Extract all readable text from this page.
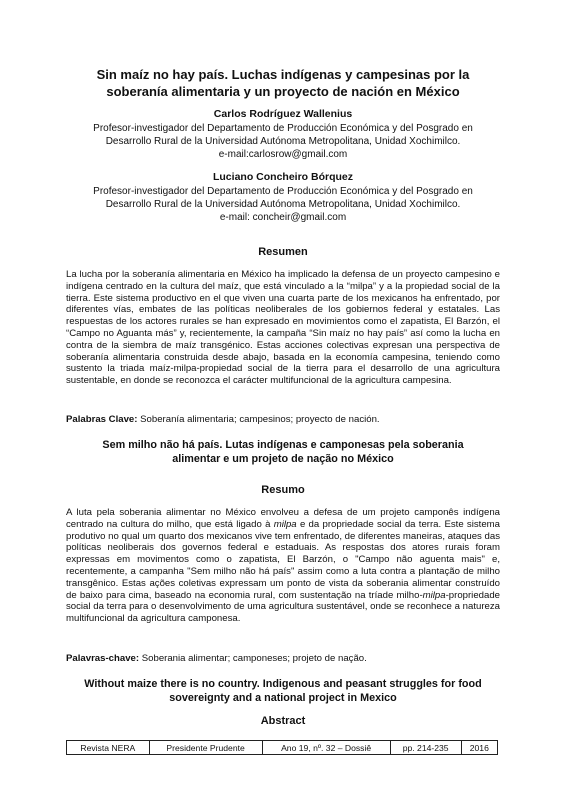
Sin maíz no hay país. Luchas indígenas y campesinas por la
soberanía alimentaria y un proyecto de nación en México
Carlos Rodríguez Wallenius
Profesor-investigador del Departamento de Producción Económica y del Posgrado en
Desarrollo Rural de la Universidad Autónoma Metropolitana, Unidad Xochimilco.
e-mail:carlosrow@gmail.com
Luciano Concheiro Bórquez
Profesor-investigador del Departamento de Producción Económica y del Posgrado en
Desarrollo Rural de la Universidad Autónoma Metropolitana, Unidad Xochimilco.
e-mail: concheir@gmail.com
Resumen

La lucha por la soberanía alimentaria en México ha implicado la defensa de un proyecto campesino e indígena centrado en la cultura del maíz, que está vinculado a la “milpa” y a la propiedad social de la tierra. Este sistema productivo en el que viven una cuarta parte de los mexicanos ha enfrentado, por diferentes vías, embates de las políticas neoliberales de los gobiernos federal y estatales. Las respuestas de los actores rurales se han expresado en movimientos como el zapatista, El Barzón, el “Campo no Aguanta más” y, recientemente, la campaña “Sin maíz no hay país” así como la lucha en contra de la siembra de maíz transgénico. Estas acciones colectivas expresan una perspectiva de soberanía alimentaria construida desde abajo, basada en la economía campesina, teniendo como sustento la triada maíz-milpa-propiedad social de la tierra para el desarrollo de una agricultura sustentable, en donde se reconozca el carácter multifuncional de la agricultura campesina.

Palabras Clave: Soberanía alimentaria; campesinos; proyecto de nación.
Sem milho não há país. Lutas indígenas e camponesas pela soberania
alimentar e um projeto de nação no México
Resumo

A luta pela soberania alimentar no México envolveu a defesa de um projeto camponês indígena centrado na cultura do milho, que está ligado à milpa e da propriedade social da terra. Este sistema produtivo no qual um quarto dos mexicanos vive tem enfrentado, de diferentes maneiras, ataques das políticas neoliberais dos governos federal e estaduais. As respostas dos atores rurais foram expressas em movimentos como o zapatista, El Barzón, o "Campo não aguenta mais" e, recentemente, a campanha "Sem milho não há país" assim como a luta contra a plantação de milho transgênico. Estas ações coletivas expressam um ponto de vista da soberania alimentar construído de baixo para cima, baseado na economia rural, com sustentação na tríade milho-milpa-propriedade social da terra para o desenvolvimento de uma agricultura sustentável, onde se reconhece a natureza multifuncional da agricultura camponesa.

Palavras-chave: Soberania alimentar; camponeses; projeto de nação.
Without maize there is no country. Indigenous and peasant struggles for food
sovereignty and a national project in Mexico
Abstract
Revista NERA	Presidente Prudente	Ano 19, nº. 32 – Dossiê	pp. 214-235	2016
